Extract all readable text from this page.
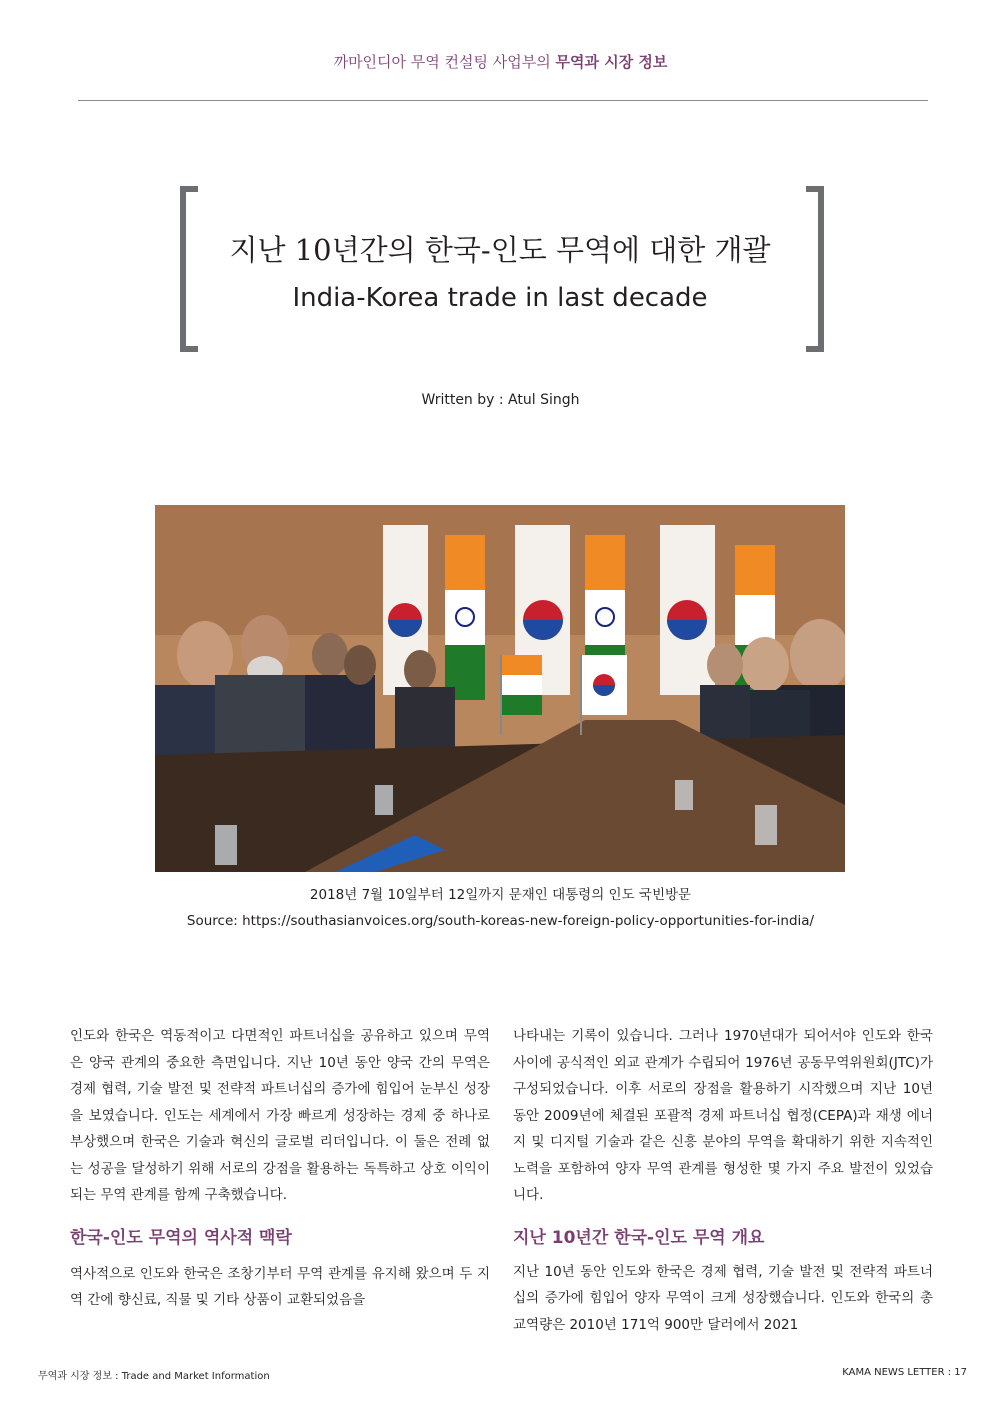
까마인디아 무역 컨설팅 사업부의 무역과 시장 정보
지난 10년간의 한국-인도 무역에 대한 개괄
India-Korea trade in last decade
Written by : Atul Singh
2018년 7월 10일부터 12일까지 문재인 대통령의 인도 국빈방문
Source: https://southasianvoices.org/south-koreas-new-foreign-policy-opportunities-for-india/

인도와 한국은 역동적이고 다면적인 파트너십을 공유하고 있으며 무역은 양국 관계의 중요한 측면입니다. 지난 10년 동안 양국 간의 무역은 경제 협력, 기술 발전 및 전략적 파트너십의 증가에 힘입어 눈부신 성장을 보였습니다. 인도는 세계에서 가장 빠르게 성장하는 경제 중 하나로 부상했으며 한국은 기술과 혁신의 글로벌 리더입니다. 이 둘은 전례 없는 성공을 달성하기 위해 서로의 강점을 활용하는 독특하고 상호 이익이 되는 무역 관계를 함께 구축했습니다.

한국-인도 무역의 역사적 맥락

역사적으로 인도와 한국은 조창기부터 무역 관계를 유지해 왔으며 두 지역 간에 향신료, 직물 및 기타 상품이 교환되었음을

나타내는 기록이 있습니다. 그러나 1970년대가 되어서야 인도와 한국 사이에 공식적인 외교 관계가 수립되어 1976년 공동무역위원회(JTC)가 구성되었습니다. 이후 서로의 장점을 활용하기 시작했으며 지난 10년 동안 2009년에 체결된 포괄적 경제 파트너십 협정(CEPA)과 재생 에너지 및 디지털 기술과 같은 신흥 분야의 무역을 확대하기 위한 지속적인 노력을 포함하여 양자 무역 관계를 형성한 몇 가지 주요 발전이 있었습니다.

지난 10년간 한국-인도 무역 개요

지난 10년 동안 인도와 한국은 경제 협력, 기술 발전 및 전략적 파트너십의 증가에 힘입어 양자 무역이 크게 성장했습니다. 인도와 한국의 총 교역량은 2010년 171억 900만 달러에서 2021

무역과 시장 정보 : Trade and Market Information	KAMA NEWS LETTER : 17
